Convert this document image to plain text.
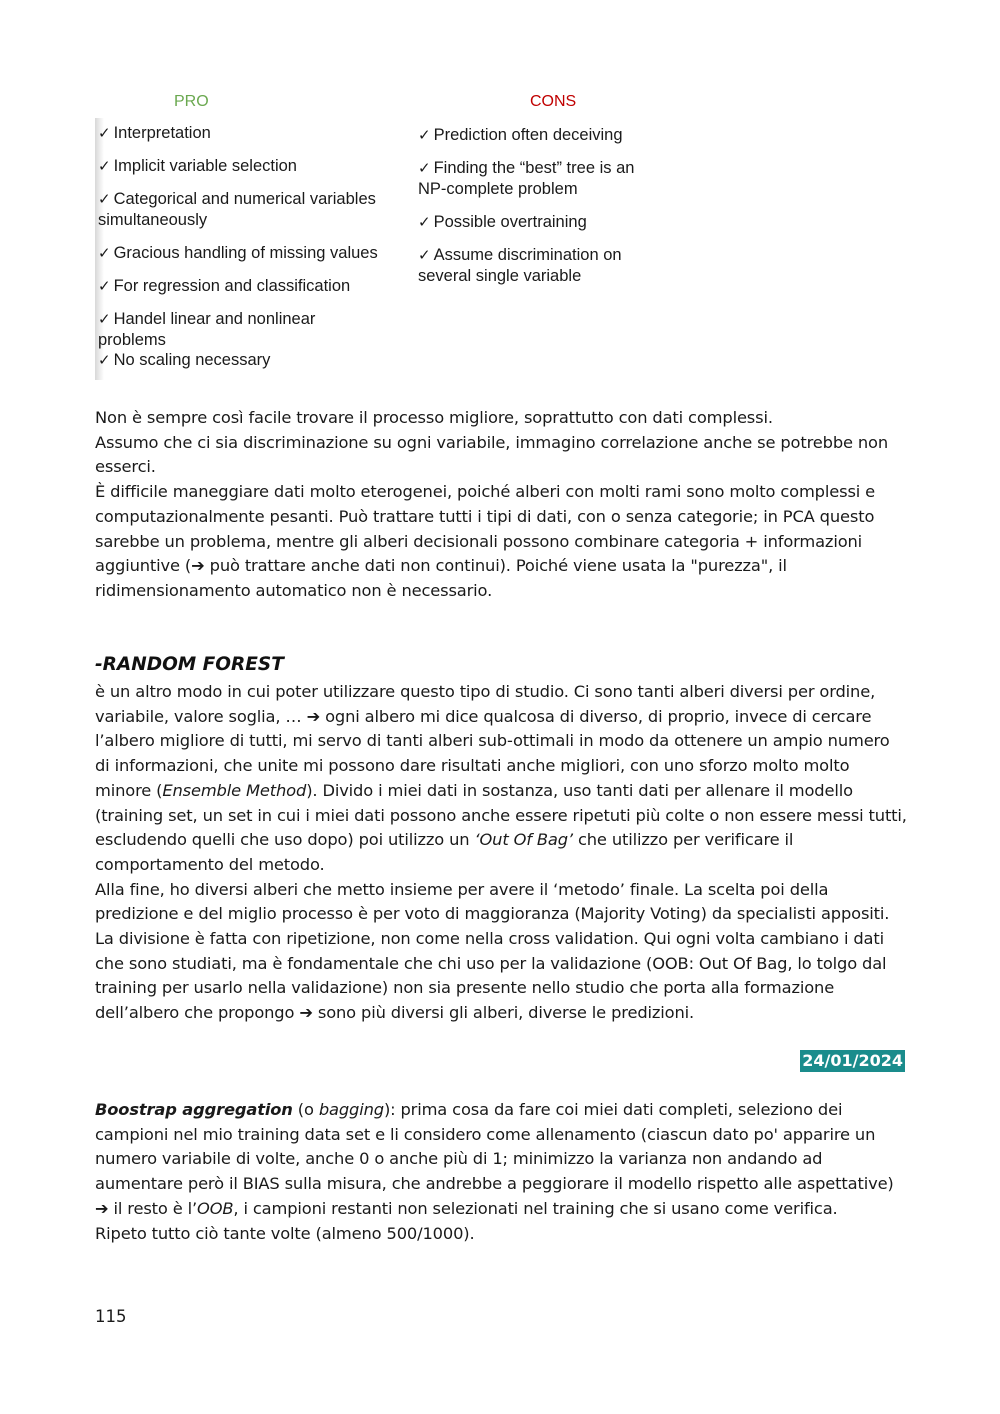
PRO	CONS
✓ Interpretation
✓ Implicit variable selection
✓ Categorical and numerical variables
simultaneously
✓ Gracious handling of missing values
✓ For regression and classification
✓ Handel linear and nonlinear
problems
✓ No scaling necessary
✓ Prediction often deceiving
✓ Finding the “best” tree is an
NP-complete problem
✓ Possible overtraining
✓ Assume discrimination on
several single variable

Non è sempre così facile trovare il processo migliore, soprattutto con dati complessi.

Assumo che ci sia discriminazione su ogni variabile, immagino correlazione anche se potrebbe non esserci.

È difficile maneggiare dati molto eterogenei, poiché alberi con molti rami sono molto complessi e computazionalmente pesanti. Può trattare tutti i tipi di dati, con o senza categorie; in PCA questo sarebbe un problema, mentre gli alberi decisionali possono combinare categoria + informazioni aggiuntive (➔ può trattare anche dati non continui). Poiché viene usata la "purezza", il ridimensionamento automatico non è necessario.

-RANDOM FOREST

è un altro modo in cui poter utilizzare questo tipo di studio. Ci sono tanti alberi diversi per ordine, variabile, valore soglia, … ➔ ogni albero mi dice qualcosa di diverso, di proprio, invece di cercare l’albero migliore di tutti, mi servo di tanti alberi sub-ottimali in modo da ottenere un ampio numero di informazioni, che unite mi possono dare risultati anche migliori, con uno sforzo molto molto minore (Ensemble Method). Divido i miei dati in sostanza, uso tanti dati per allenare il modello (training set, un set in cui i miei dati possono anche essere ripetuti più colte o non essere messi tutti, escludendo quelli che uso dopo) poi utilizzo un ‘Out Of Bag’ che utilizzo per verificare il comportamento del metodo.

Alla fine, ho diversi alberi che metto insieme per avere il ‘metodo’ finale. La scelta poi della predizione e del miglio processo è per voto di maggioranza (Majority Voting) da specialisti appositi.

La divisione è fatta con ripetizione, non come nella cross validation. Qui ogni volta cambiano i dati che sono studiati, ma è fondamentale che chi uso per la validazione (OOB: Out Of Bag, lo tolgo dal training per usarlo nella validazione) non sia presente nello studio che porta alla formazione dell’albero che propongo ➔ sono più diversi gli alberi, diverse le predizioni.

24/01/2024

Boostrap aggregation (o bagging): prima cosa da fare coi miei dati completi, seleziono dei campioni nel mio training data set e li considero come allenamento (ciascun dato po' apparire un numero variabile di volte, anche 0 o anche più di 1; minimizzo la varianza non andando ad aumentare però il BIAS sulla misura, che andrebbe a peggiorare il modello rispetto alle aspettative)

➔ il resto è l’OOB, i campioni restanti non selezionati nel training che si usano come verifica.

Ripeto tutto ciò tante volte (almeno 500/1000).

115
